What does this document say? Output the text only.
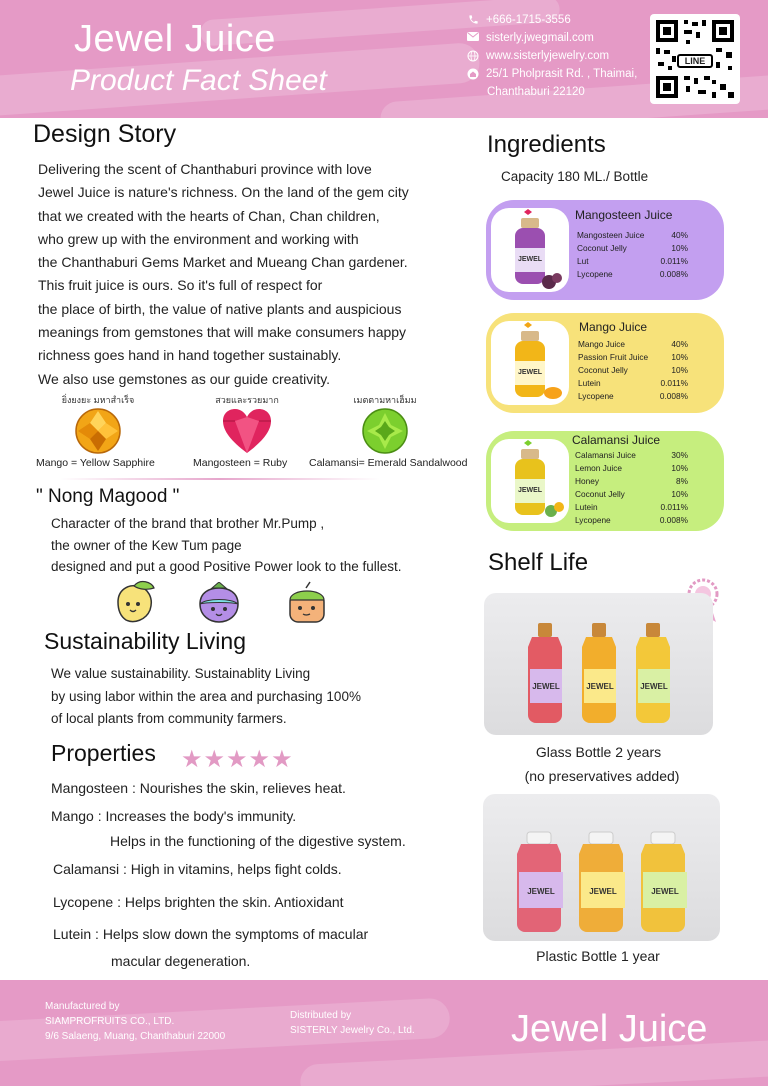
Jewel Juice
Product Fact Sheet
+666-1715-3556
sisterly.jwegmail.com
www.sisterlyjewelry.com
25/1 Pholprasit Rd. , Thaimai,
Chanthaburi 22120
LINE
Design Story
Delivering the scent of Chanthaburi province with love
Jewel Juice is nature's richness. On the land of the gem city
that we created with the hearts of Chan, Chan children,
who grew up with the environment and working with
the Chanthaburi Gems Market and Mueang Chan gardener.
This fruit juice is ours. So it's full of respect for
the place of birth, the value of native plants and auspicious
meanings from gemstones that will make consumers happy
richness goes hand in hand together sustainably.
We also use gemstones as our guide creativity.
ยิ่งยงยะ มหาสำเร็จ	สวยและรวยมาก	เมตตามหาเฮ็มม
Mango = Yellow Sapphire	Mangosteen = Ruby Calamansi= Emerald Sandalwood
" Nong Magood "
Character of the brand that brother Mr.Pump ,
the owner of the Kew Tum page
designed and put a good Positive Power look to the fullest.
Sustainability Living
We value sustainability. Sustainablity Living
by using labor within the area and purchasing 100%
of local plants from community farmers.
Properties ★★★★★
Mangosteen : Nourishes the skin, relieves heat.
Mango : Increases the body's immunity.
Helps in the functioning of the digestive system.
Calamansi : High in vitamins, helps fight colds.
Lycopene : Helps brighten the skin. Antioxidant
Lutein : Helps slow down the symptoms of macular
macular degeneration.
Ingredients
Capacity 180 ML./ Bottle
JEWEL
Mangosteen Juice
Mangosteen Juice	40%
Coconut Jelly	10%
Lut	0.011%
Lycopene	0.008%
JEWEL
Mango Juice
Mango Juice	40%
Passion Fruit Juice	10%
Coconut Jelly	10%
Lutein	0.011%
Lycopene	0.008%
JEWEL
Calamansi Juice
Calamansi Juice	30%
Lemon Juice	10%
Honey	8%
Coconut Jelly	10%
Lutein	0.011%
Lycopene	0.008%
Shelf Life
JEWEL	JEWEL	JEWEL
Glass Bottle 2 years
(no preservatives added)
JEWEL	JEWEL	JEWEL
Plastic Bottle 1 year
Manufactured by
SIAMPROFRUITS CO., LTD.
9/6 Salaeng, Muang, Chanthaburi 22000
Distributed by
SISTERLY Jewelry Co., Ltd.	Jewel Juice
